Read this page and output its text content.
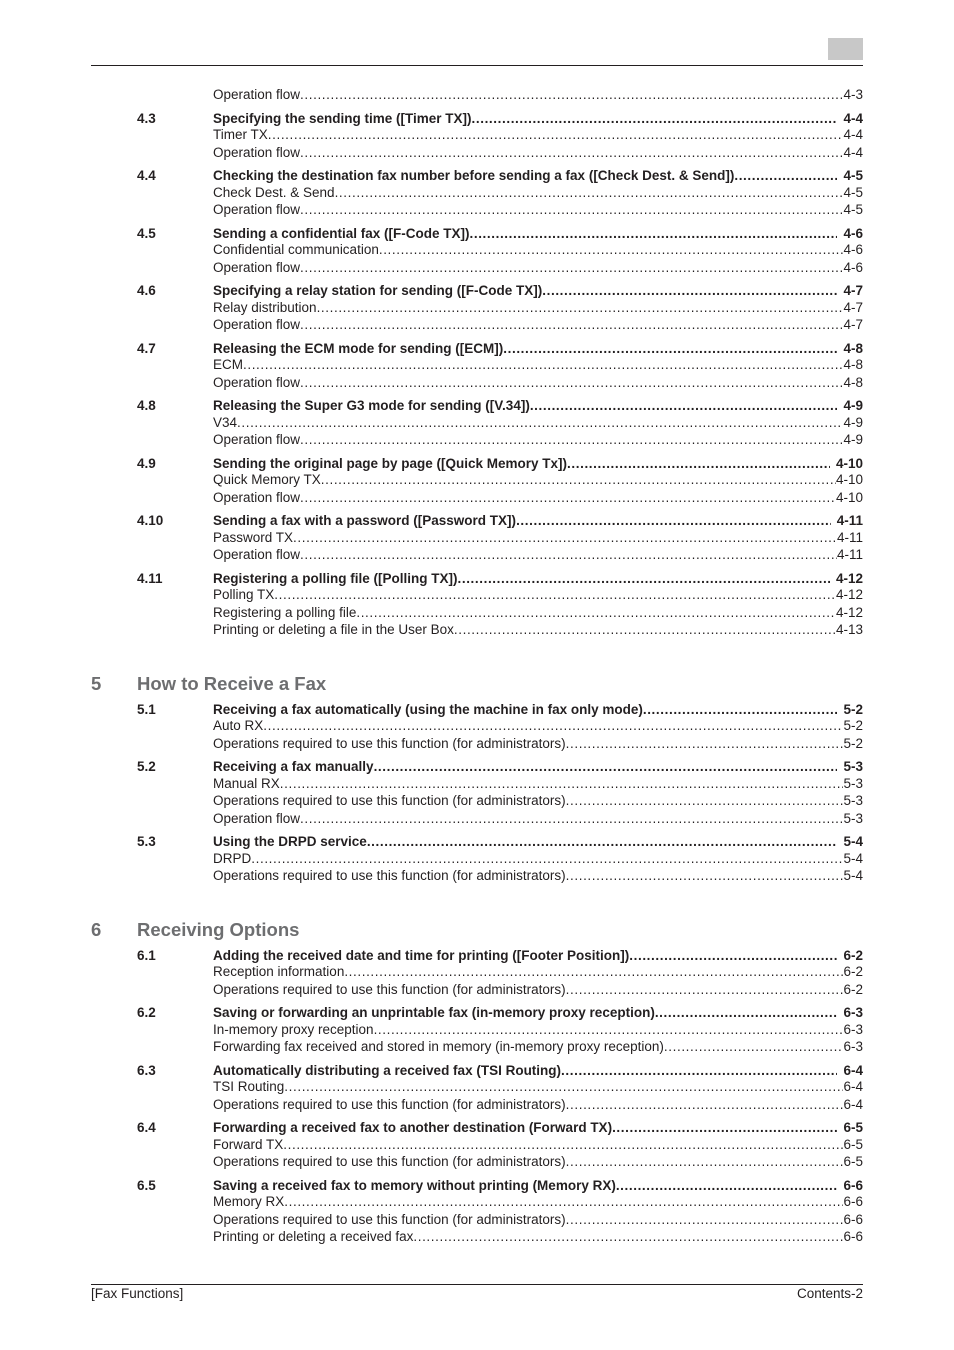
Operation flow .....	4-3
4.3	Specifying the sending time ([Timer TX]) .....	4-4
Timer TX .....	4-4
Operation flow .....	4-4
4.4	Checking the destination fax number before sending a fax ([Check Dest. & Send]) .....	4-5
Check Dest. & Send .....	4-5
Operation flow .....	4-5
4.5	Sending a confidential fax ([F-Code TX]) .....	4-6
Confidential communication .....	4-6
Operation flow .....	4-6
4.6	Specifying a relay station for sending ([F-Code TX]) .....	4-7
Relay distribution .....	4-7
Operation flow .....	4-7
4.7	Releasing the ECM mode for sending ([ECM]) .....	4-8
ECM .....	4-8
Operation flow .....	4-8
4.8	Releasing the Super G3 mode for sending ([V.34]) .....	4-9
V34 .....	4-9
Operation flow .....	4-9
4.9	Sending the original page by page ([Quick Memory Tx]) .....	4-10
Quick Memory TX .....	4-10
Operation flow .....	4-10
4.10	Sending a fax with a password ([Password TX]) .....	4-11
Password TX .....	4-11
Operation flow .....	4-11
4.11	Registering a polling file ([Polling TX]) .....	4-12
Polling TX .....	4-12
Registering a polling file .....	4-12
Printing or deleting a file in the User Box .....	4-13
5 How to Receive a Fax
5.1	Receiving a fax automatically (using the machine in fax only mode) .....	5-2
Auto RX .....	5-2
Operations required to use this function (for administrators) .....	5-2
5.2	Receiving a fax manually .....	5-3
Manual RX .....	5-3
Operations required to use this function (for administrators) .....	5-3
Operation flow .....	5-3
5.3	Using the DRPD service .....	5-4
DRPD .....	5-4
Operations required to use this function (for administrators) .....	5-4
6 Receiving Options
6.1	Adding the received date and time for printing ([Footer Position]) .....	6-2
Reception information .....	6-2
Operations required to use this function (for administrators) .....	6-2
6.2	Saving or forwarding an unprintable fax (in-memory proxy reception) .....	6-3
In-memory proxy reception .....	6-3
Forwarding fax received and stored in memory (in-memory proxy reception) .....	6-3
6.3	Automatically distributing a received fax (TSI Routing) .....	6-4
TSI Routing .....	6-4
Operations required to use this function (for administrators) .....	6-4
6.4	Forwarding a received fax to another destination (Forward TX) .....	6-5
Forward TX .....	6-5
Operations required to use this function (for administrators) .....	6-5
6.5	Saving a received fax to memory without printing (Memory RX) .....	6-6
Memory RX .....	6-6
Operations required to use this function (for administrators) .....	6-6
Printing or deleting a received fax .....	6-6
[Fax Functions]	Contents-2
